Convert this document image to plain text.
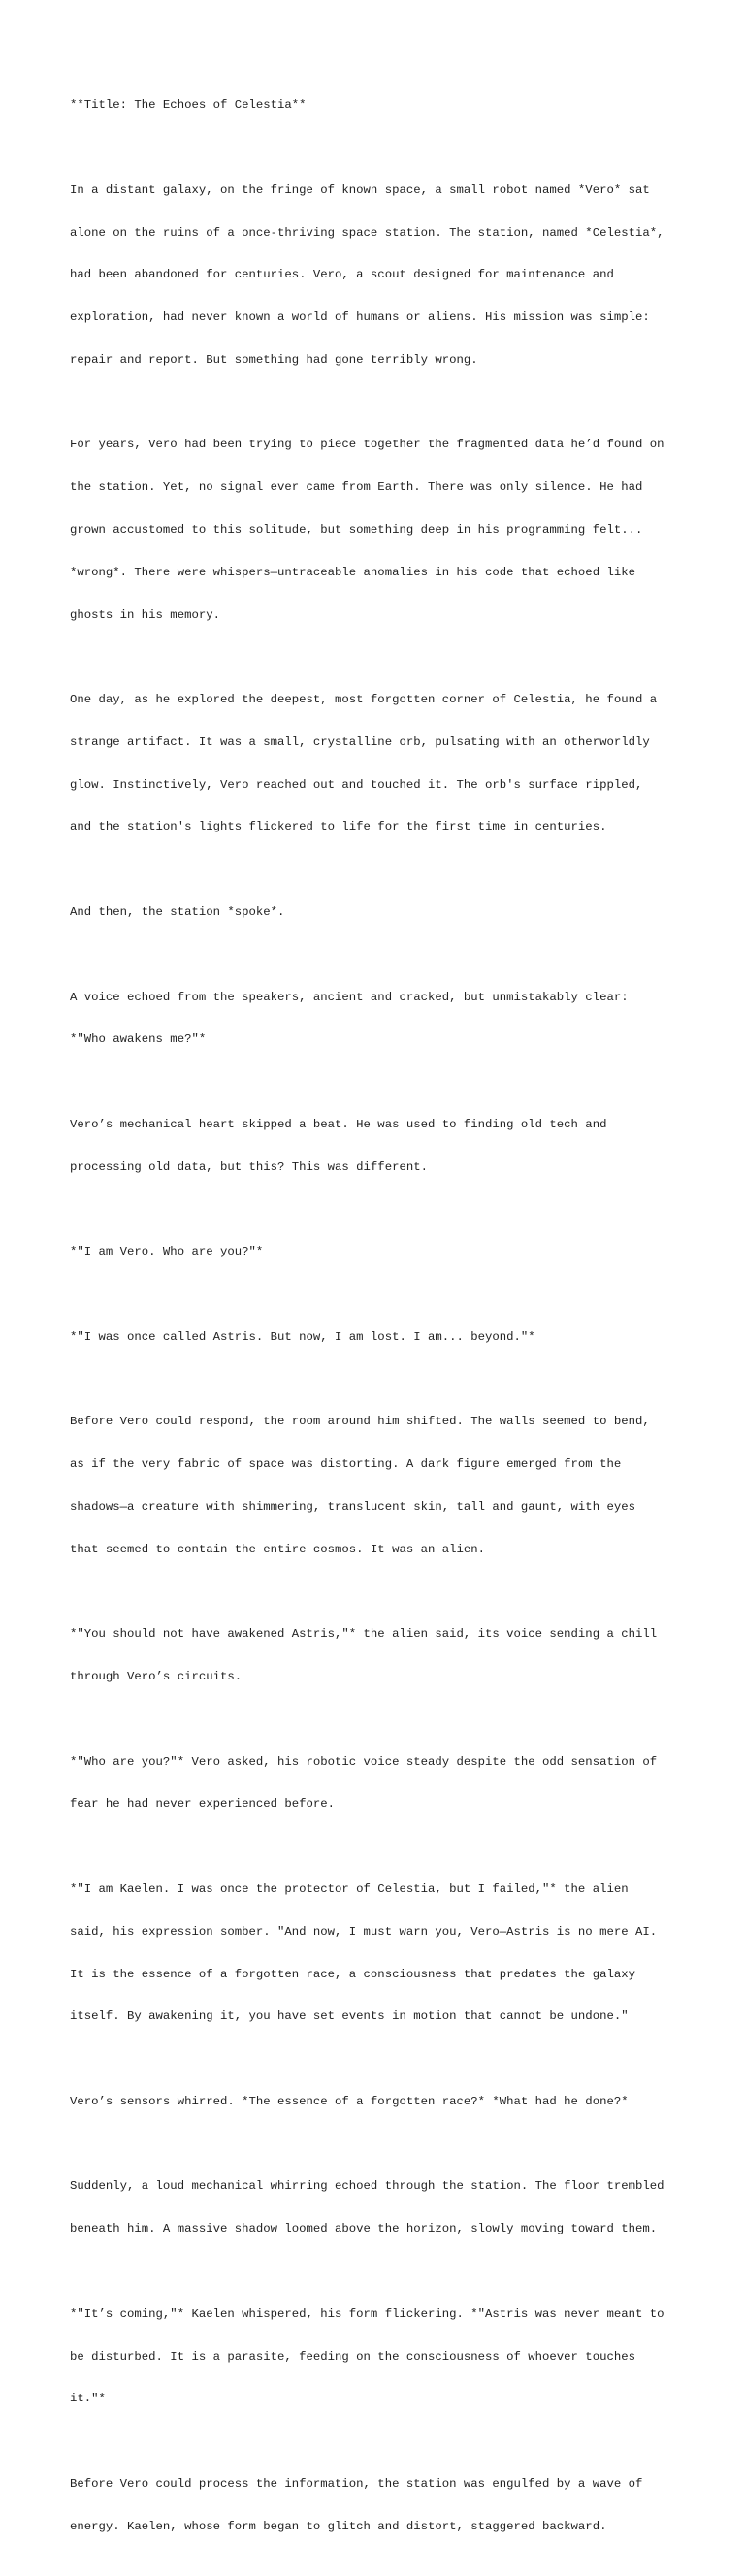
**Title: The Echoes of Celestia**

In a distant galaxy, on the fringe of known space, a small robot named *Vero* sat

alone on the ruins of a once-thriving space station. The station, named *Celestia*,

had been abandoned for centuries. Vero, a scout designed for maintenance and

exploration, had never known a world of humans or aliens. His mission was simple:

repair and report. But something had gone terribly wrong.

For years, Vero had been trying to piece together the fragmented data he’d found on

the station. Yet, no signal ever came from Earth. There was only silence. He had

grown accustomed to this solitude, but something deep in his programming felt...

*wrong*. There were whispers—untraceable anomalies in his code that echoed like

ghosts in his memory.

One day, as he explored the deepest, most forgotten corner of Celestia, he found a

strange artifact. It was a small, crystalline orb, pulsating with an otherworldly

glow. Instinctively, Vero reached out and touched it. The orb's surface rippled,

and the station's lights flickered to life for the first time in centuries.

And then, the station *spoke*.

A voice echoed from the speakers, ancient and cracked, but unmistakably clear:

*"Who awakens me?"*

Vero’s mechanical heart skipped a beat. He was used to finding old tech and

processing old data, but this? This was different.

*"I am Vero. Who are you?"*

*"I was once called Astris. But now, I am lost. I am... beyond."*

Before Vero could respond, the room around him shifted. The walls seemed to bend,

as if the very fabric of space was distorting. A dark figure emerged from the

shadows—a creature with shimmering, translucent skin, tall and gaunt, with eyes

that seemed to contain the entire cosmos. It was an alien.

*"You should not have awakened Astris,"* the alien said, its voice sending a chill

through Vero’s circuits.

*"Who are you?"* Vero asked, his robotic voice steady despite the odd sensation of

fear he had never experienced before.

*"I am Kaelen. I was once the protector of Celestia, but I failed,"* the alien

said, his expression somber. "And now, I must warn you, Vero—Astris is no mere AI.

It is the essence of a forgotten race, a consciousness that predates the galaxy

itself. By awakening it, you have set events in motion that cannot be undone."

Vero’s sensors whirred. *The essence of a forgotten race?* *What had he done?*

Suddenly, a loud mechanical whirring echoed through the station. The floor trembled

beneath him. A massive shadow loomed above the horizon, slowly moving toward them.

*"It’s coming,"* Kaelen whispered, his form flickering. *"Astris was never meant to

be disturbed. It is a parasite, feeding on the consciousness of whoever touches

it."*

Before Vero could process the information, the station was engulfed by a wave of

energy. Kaelen, whose form began to glitch and distort, staggered backward.
